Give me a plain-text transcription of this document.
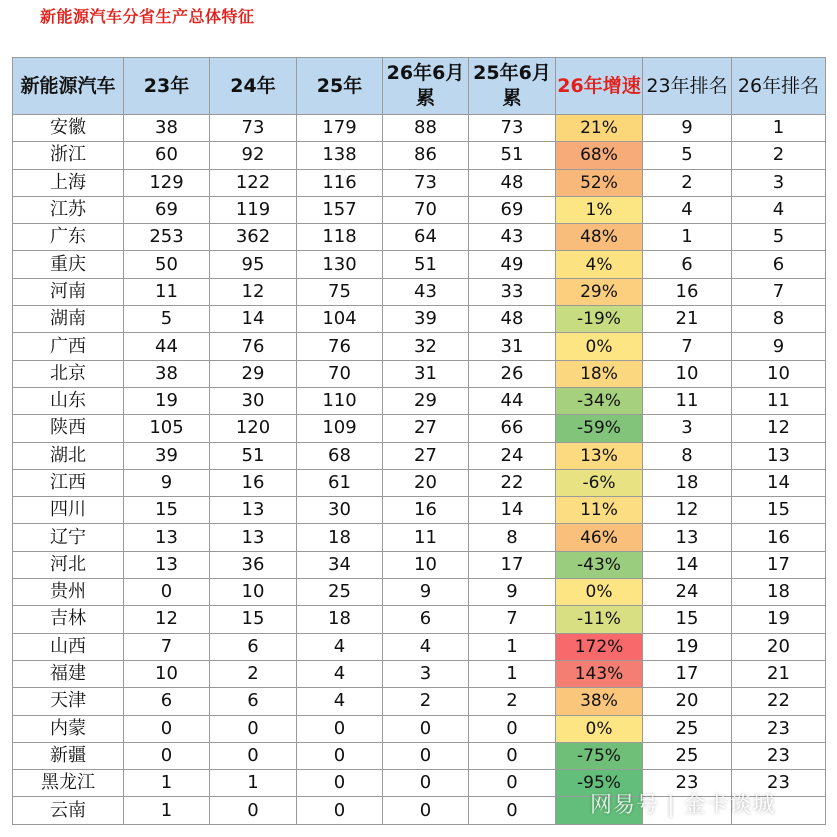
新能源汽车分省生产总体特征
新能源汽车	23年	24年	25年	26年6月累	25年6月累	26年增速	23年排名	26年排名
安徽	38	73	179	88	73	21%	9	1
浙江	60	92	138	86	51	68%	5	2
上海	129	122	116	73	48	52%	2	3
江苏	69	119	157	70	69	1%	4	4
广东	253	362	118	64	43	48%	1	5
重庆	50	95	130	51	49	4%	6	6
河南	11	12	75	43	33	29%	16	7
湖南	5	14	104	39	48	-19%	21	8
广西	44	76	76	32	31	0%	7	9
北京	38	29	70	31	26	18%	10	10
山东	19	30	110	29	44	-34%	11	11
陕西	105	120	109	27	66	-59%	3	12
湖北	39	51	68	27	24	13%	8	13
江西	9	16	61	20	22	-6%	18	14
四川	15	13	30	16	14	11%	12	15
辽宁	13	13	18	11	8	46%	13	16
河北	13	36	34	10	17	-43%	14	17
贵州	0	10	25	9	9	0%	24	18
吉林	12	15	18	6	7	-11%	15	19
山西	7	6	4	4	1	172%	19	20
福建	10	2	4	3	1	143%	17	21
天津	6	6	4	2	2	38%	20	22
内蒙	0	0	0	0	0	0%	25	23
新疆	0	0	0	0	0	-75%	25	23
黑龙江	1	1	0	0	0	-95%	23	23
云南	1	0	0	0	0				网易号 | 金卡谈城
